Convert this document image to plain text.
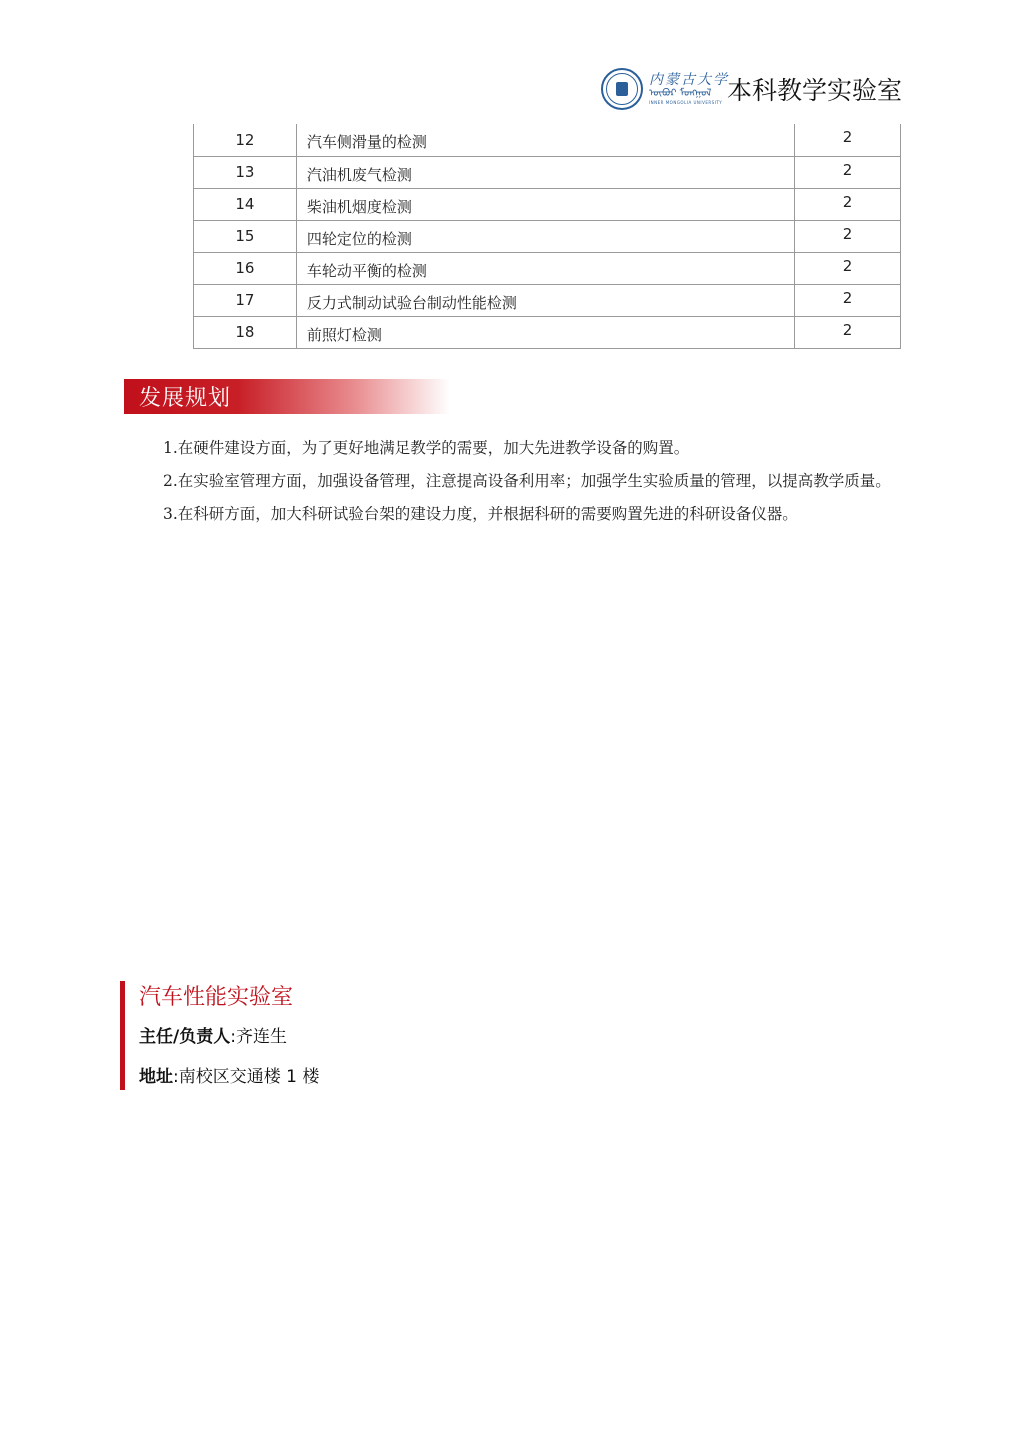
内蒙古大学
ᠥᠪᠦᠷ ᠮᠣᠩᠭᠣᠯ
INNER MONGOLIA UNIVERSITY 本科教学实验室
12	汽车侧滑量的检测	2
13	汽油机废气检测	2
14	柴油机烟度检测	2
15	四轮定位的检测	2
16	车轮动平衡的检测	2
17	反力式制动试验台制动性能检测	2
18	前照灯检测	2
发展规划

1.在硬件建设方面，为了更好地满足教学的需要，加大先进教学设备的购置。

2.在实验室管理方面，加强设备管理，注意提高设备利用率；加强学生实验质量的管理，以提高教学质量。

3.在科研方面，加大科研试验台架的建设力度，并根据科研的需要购置先进的科研设备仪器。

汽车性能实验室
主任/负责人:齐连生
地址:南校区交通楼 1 楼
